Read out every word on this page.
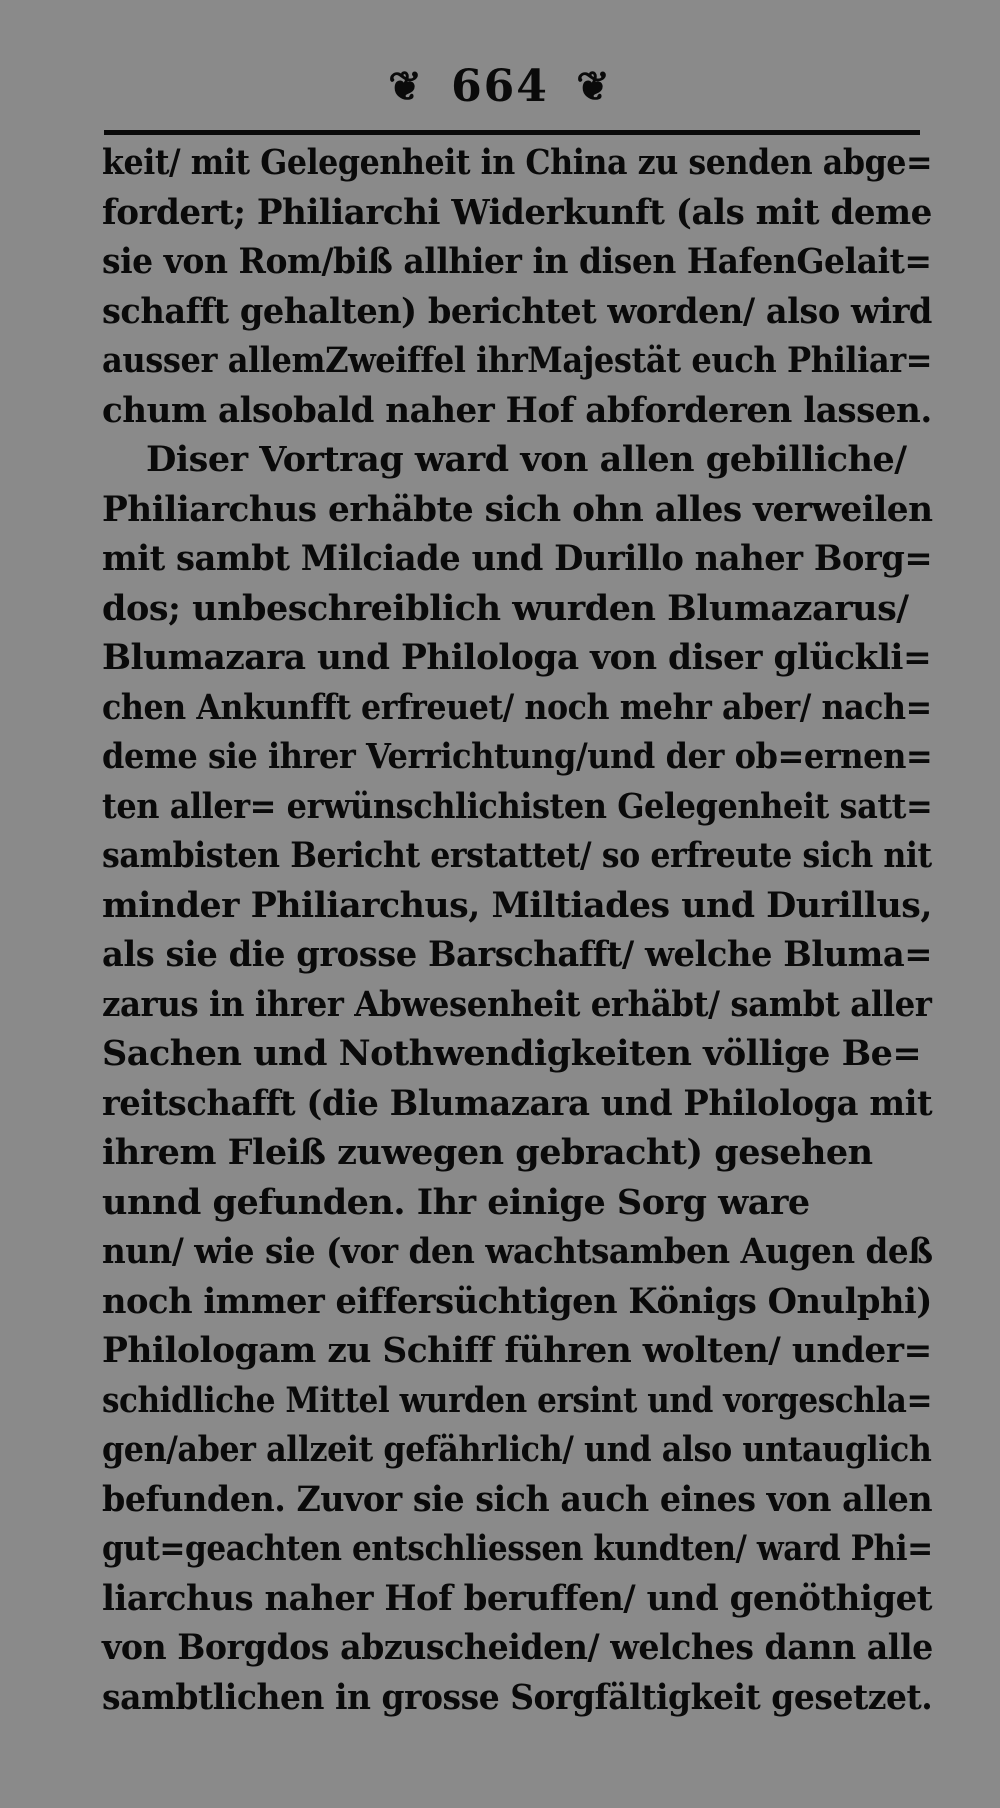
❦ 664 ❦
keit/ mit Gelegenheit in China zu senden abge=
fordert; Philiarchi Widerkunft (als mit deme
sie von Rom/biß allhier in disen HafenGelait=
schafft gehalten) berichtet worden/ also wird
ausser allemZweiffel ihrMajestät euch Philiar=
chum alsobald naher Hof abforderen lassen.
Diser Vortrag ward von allen gebilliche/
Philiarchus erhäbte sich ohn alles verweilen
mit sambt Milciade und Durillo naher Borg=
dos; unbeschreiblich wurden Blumazarus/
Blumazara und Philologa von diser glückli=
chen Ankunfft erfreuet/ noch mehr aber/ nach=
deme sie ihrer Verrichtung/und der ob=ernen=
ten aller= erwünschlichisten Gelegenheit satt=
sambisten Bericht erstattet/ so erfreute sich nit
minder Philiarchus, Miltiades und Durillus,
als sie die grosse Barschafft/ welche Bluma=
zarus in ihrer Abwesenheit erhäbt/ sambt aller
Sachen und Nothwendigkeiten völlige Be=
reitschafft (die Blumazara und Philologa mit
ihrem Fleiß zuwegen gebracht) gesehen
unnd gefunden. Ihr einige Sorg ware
nun/ wie sie (vor den wachtsamben Augen deß
noch immer eiffersüchtigen Königs Onulphi)
Philologam zu Schiff führen wolten/ under=
schidliche Mittel wurden ersint und vorgeschla=
gen/aber allzeit gefährlich/ und also untauglich
befunden. Zuvor sie sich auch eines von allen
gut=geachten entschliessen kundten/ ward Phi=
liarchus naher Hof beruffen/ und genöthiget
von Borgdos abzuscheiden/ welches dann alle
sambtlichen in grosse Sorgfältigkeit gesetzet.
